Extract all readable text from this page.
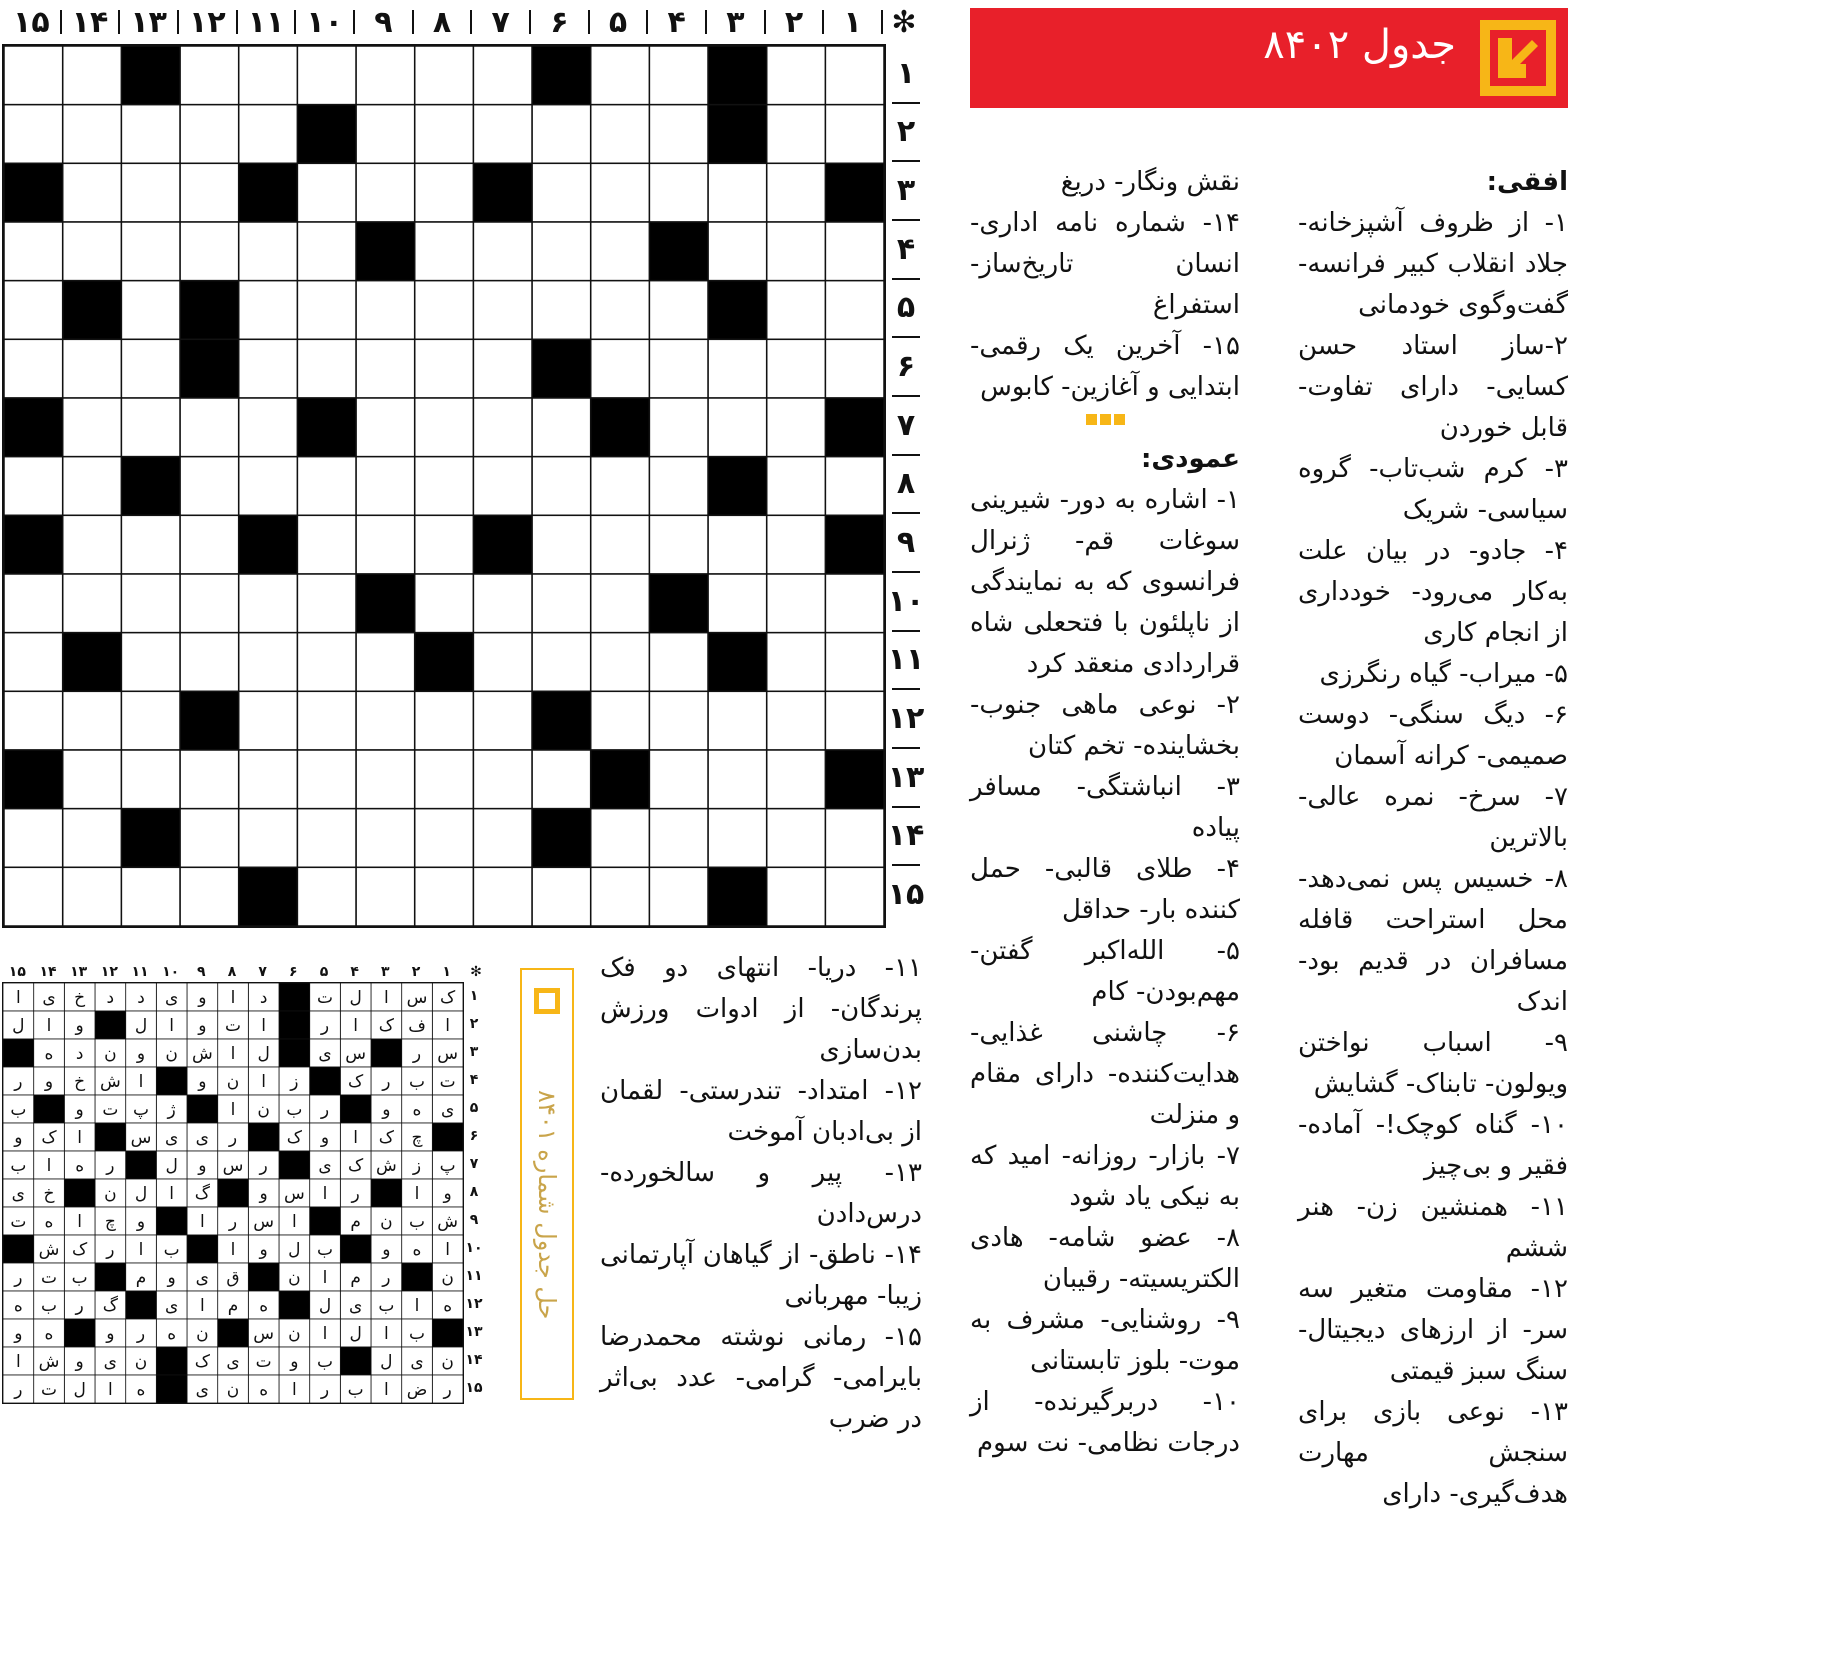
✻
۱
۲
۳
۴
۵
۶
۷
۸
۹
۱۰
۱۱
۱۲
۱۳
۱۴
۱۵
۱
۲
۳
۴
۵
۶
۷
۸
۹
۱۰
۱۱
۱۲
۱۳
۱۴
۱۵
جدول ۸۴۰۲
افقی:
۱- از ظروف آشپزخانه- جلاد انقلاب کبیر فرانسه- گفت‌وگوی خودمانی
۲-ساز استاد حسن کسایی- دارای تفاوت- قابل خوردن
۳- کرم شب‌تاب- گروه سیاسی- شریک
۴- جادو- در بیان علت به‌کار می‌رود- خودداری از انجام کاری
۵- میراب- گیاه رنگرزی
۶- دیگ سنگی- دوست صمیمی- کرانه آسمان
۷- سرخ- نمره عالی- بالاترین
۸- خسیس پس نمی‌دهد- محل استراحت قافله مسافران در قدیم بود- اندک
۹- اسباب نواختن ویولون- تابناک- گشایش
۱۰- گناه کوچک!- آماده- فقیر و بی‌چیز
۱۱- همنشین زن- هنر ششم
۱۲- مقاومت متغیر سه سر- از ارزهای دیجیتال- سنگ سبز قیمتی
۱۳- نوعی بازی برای سنجش مهارت هدف‌گیری- دارای
نقش ونگار- دریغ
۱۴- شماره نامه اداری- انسان تاریخ‌ساز- استفراغ
۱۵- آخرین یک رقمی- ابتدایی و آغازین- کابوس
عمودی:
۱- اشاره به دور- شیرینی سوغات قم- ژنرال فرانسوی که به نمایندگی از ناپلئون با فتحعلی شاه قراردادی منعقد کرد
۲- نوعی ماهی جنوب- بخشاینده- تخم کتان
۳- انباشتگی- مسافر پیاده
۴- طلای قالبی- حمل کننده بار- حداقل
۵- الله‌اکبر گفتن- مهم‌بودن- کام
۶- چاشنی غذایی- هدایت‌کننده- دارای مقام و منزلت
۷- بازار- روزانه- امید که به نیکی یاد شود
۸- عضو شامه- هادی الکتریسیته- رقیبان
۹- روشنایی- مشرف به موت- بلوز تابستانی
۱۰- دربرگیرنده- از درجات نظامی- نت سوم
۱۱- دریا- انتهای دو فک پرندگان- از ادوات ورزش بدن‌سازی
۱۲- امتداد- تندرستی- لقمان از بی‌ادبان آموخت
۱۳- پیر و سالخورده- درس‌دادن
۱۴- ناطق- از گیاهان آپارتمانی زیبا- مهربانی
۱۵- رمانی نوشته محمدرضا بایرامی- گرامی- عدد بی‌اثر در ضرب
حل جدول شماره ۸۴۰۱
✻
۱
۲
۳
۴
۵
۶
۷
۸
۹
۱۰
۱۱
۱۲
۱۳
۱۴
۱۵
ک
س
ا
ل
ت
د
ا
و
ی
د
د
خ
ی
ا
ا
ف
ک
ا
ر
ا
ت
و
ا
ل
و
ا
ل
س
ر
س
ی
ل
ا
ش
ن
و
ن
د
ه
ت
ب
ر
ک
ز
ا
ن
و
ا
ش
خ
و
ر
ی
ه
و
ر
ب
ن
ا
ژ
پ
ت
و
ب
چ
ک
ا
و
ک
ر
ی
ی
س
ا
ک
و
پ
ز
ش
ک
ی
ر
س
و
ل
ر
ه
ا
ب
و
ا
ر
ا
س
و
گ
ا
ل
ن
خ
ی
ش
ب
ن
م
ا
س
ر
ا
و
چ
ا
ه
ت
ا
ه
و
ب
ل
و
ا
ب
ا
ر
ک
ش
ن
ر
م
ا
ن
ق
ی
و
م
ب
ت
ر
ه
ا
ب
ی
ل
ه
م
ا
ی
گ
ر
ب
ه
ب
ا
ل
ا
ن
س
ن
ه
ر
و
ه
و
ن
ی
ل
ب
و
ت
ی
ک
ن
ی
و
ش
ا
ر
ض
ا
ب
ر
ا
ه
ن
ی
ه
ا
ل
ت
ر
۱
۲
۳
۴
۵
۶
۷
۸
۹
۱۰
۱۱
۱۲
۱۳
۱۴
۱۵
